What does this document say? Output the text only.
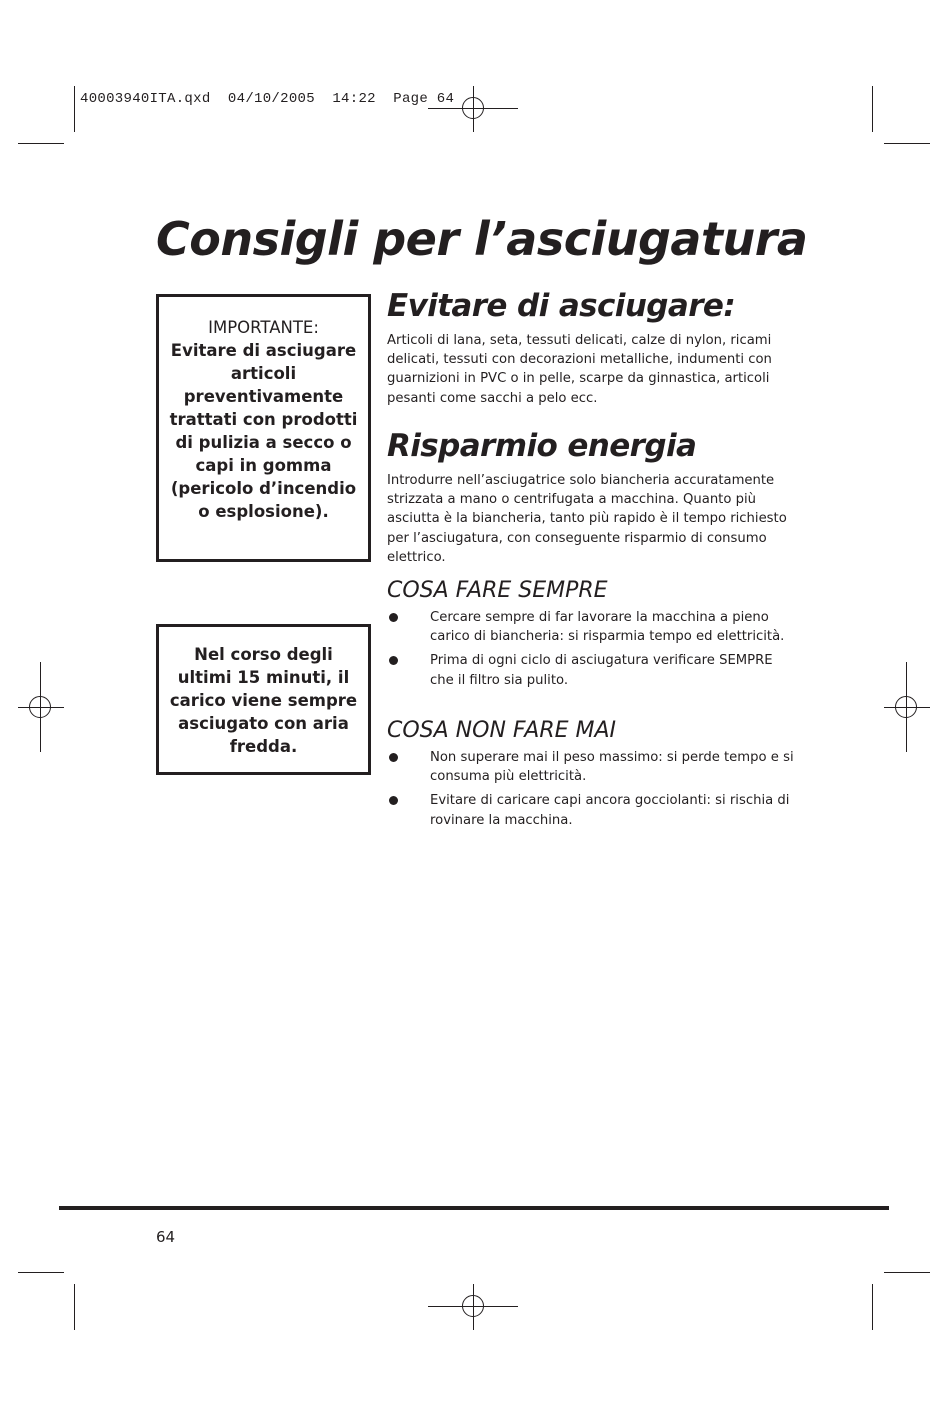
40003940ITA.qxd  04/10/2005  14:22  Page 64
Consigli per l’asciugatura
IMPORTANTE:
Evitare di asciugare articoli preventivamente trattati con prodotti di pulizia a secco o capi in gomma (pericolo d’incendio o esplosione).
Nel corso degli ultimi 15 minuti, il carico viene sempre asciugato con aria fredda.
Evitare di asciugare:

Articoli di lana, seta, tessuti delicati, calze di nylon, ricami delicati, tessuti con decorazioni metalliche, indumenti con guarnizioni in PVC o in pelle, scarpe da ginnastica, articoli pesanti come sacchi a pelo ecc.

Risparmio energia

Introdurre nell’asciugatrice solo biancheria accuratamente strizzata a mano o centrifugata a macchina. Quanto più asciutta è la biancheria, tanto più rapido è il tempo richiesto per l’asciugatura, con conseguente risparmio di consumo elettrico.

COSA FARE SEMPRE
Cercare sempre di far lavorare la macchina a pieno carico di biancheria: si risparmia tempo ed elettricità.
Prima di ogni ciclo di asciugatura verificare SEMPRE che il filtro sia pulito.
COSA NON FARE MAI
Non superare mai il peso massimo: si perde tempo e si consuma più elettricità.
Evitare di caricare capi ancora gocciolanti: si rischia di rovinare la macchina.
64
